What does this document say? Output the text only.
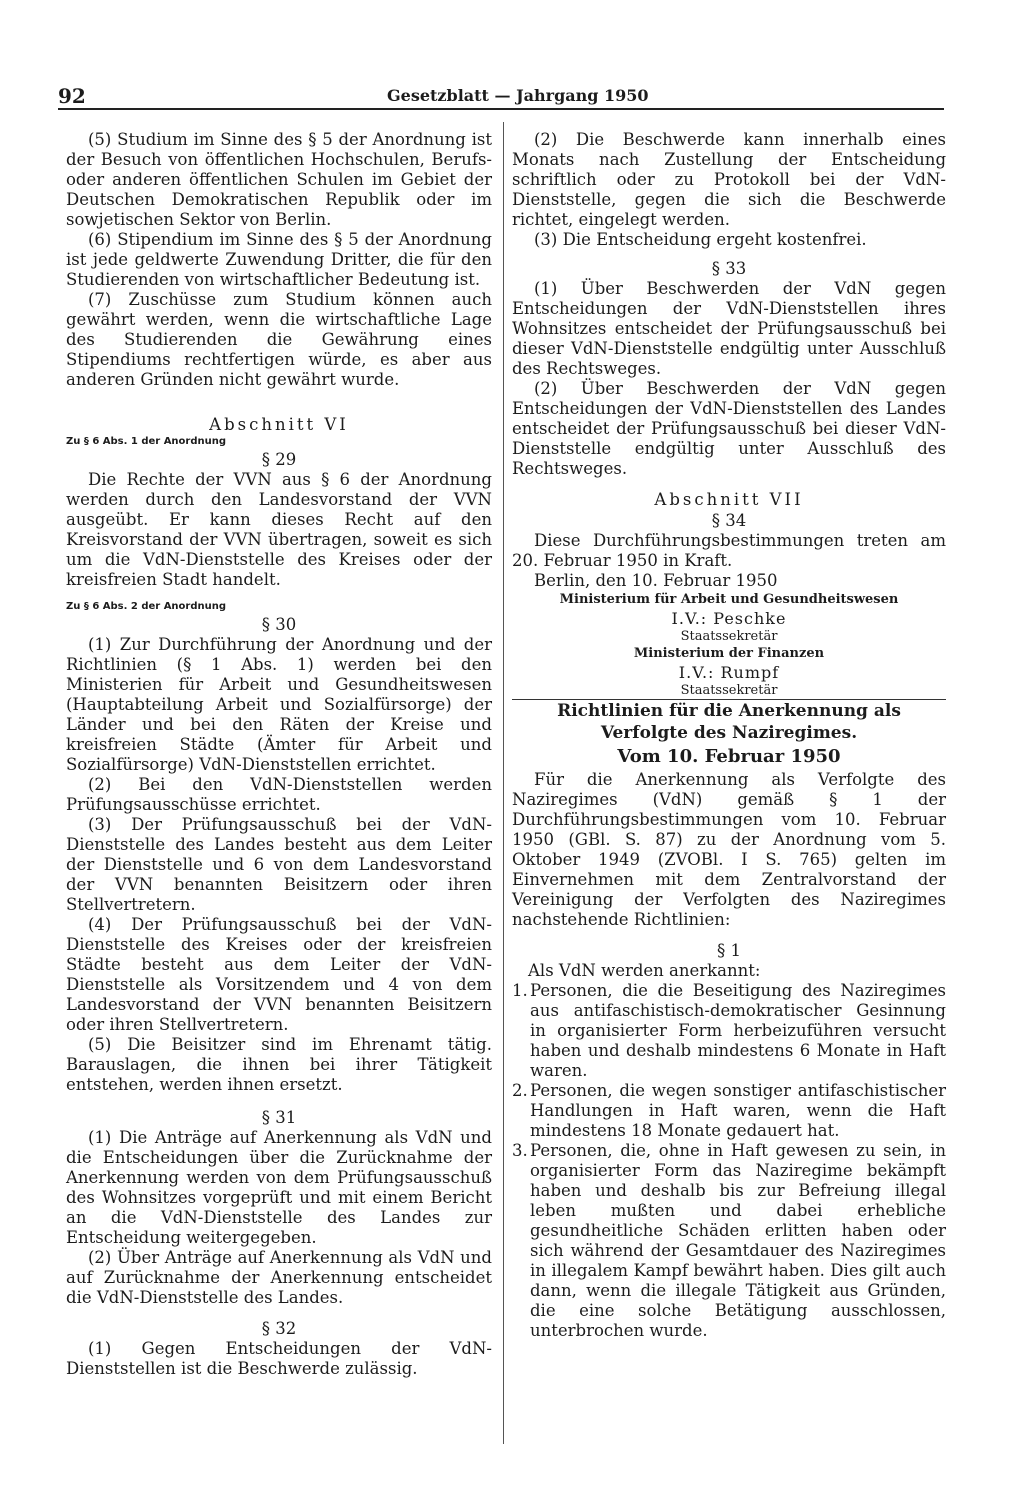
92	Gesetzblatt — Jahrgang 1950

(5) Studium im Sinne des § 5 der Anordnung ist der Besuch von öffentlichen Hochschulen, Berufs- oder anderen öffentlichen Schulen im Gebiet der Deutschen Demokratischen Republik oder im sowjetischen Sektor von Berlin.

(6) Stipendium im Sinne des § 5 der Anordnung ist jede geldwerte Zuwendung Dritter, die für den Studierenden von wirtschaftlicher Bedeutung ist.

(7) Zuschüsse zum Studium können auch gewährt werden, wenn die wirtschaftliche Lage des Studierenden die Gewährung eines Stipendiums rechtfertigen würde, es aber aus anderen Gründen nicht gewährt wurde.

Abschnitt VI
Zu § 6 Abs. 1 der Anordnung
§ 29

Die Rechte der VVN aus § 6 der Anordnung werden durch den Landesvorstand der VVN ausgeübt. Er kann dieses Recht auf den Kreisvorstand der VVN übertragen, soweit es sich um die VdN-Dienststelle des Kreises oder der kreisfreien Stadt handelt.

Zu § 6 Abs. 2 der Anordnung
§ 30

(1) Zur Durchführung der Anordnung und der Richtlinien (§ 1 Abs. 1) werden bei den Ministerien für Arbeit und Gesundheitswesen (Hauptabteilung Arbeit und Sozialfürsorge) der Länder und bei den Räten der Kreise und kreisfreien Städte (Ämter für Arbeit und Sozialfürsorge) VdN-Dienststellen errichtet.

(2) Bei den VdN-Dienststellen werden Prüfungsausschüsse errichtet.

(3) Der Prüfungsausschuß bei der VdN-Dienststelle des Landes besteht aus dem Leiter der Dienststelle und 6 von dem Landesvorstand der VVN benannten Beisitzern oder ihren Stellvertretern.

(4) Der Prüfungsausschuß bei der VdN-Dienststelle des Kreises oder der kreisfreien Städte besteht aus dem Leiter der VdN-Dienststelle als Vorsitzendem und 4 von dem Landesvorstand der VVN benannten Beisitzern oder ihren Stellvertretern.

(5) Die Beisitzer sind im Ehrenamt tätig. Barauslagen, die ihnen bei ihrer Tätigkeit entstehen, werden ihnen ersetzt.

§ 31

(1) Die Anträge auf Anerkennung als VdN und die Entscheidungen über die Zurücknahme der Anerkennung werden von dem Prüfungsausschuß des Wohnsitzes vorgeprüft und mit einem Bericht an die VdN-Dienststelle des Landes zur Entscheidung weitergegeben.

(2) Über Anträge auf Anerkennung als VdN und auf Zurücknahme der Anerkennung entscheidet die VdN-Dienststelle des Landes.

§ 32

(1) Gegen Entscheidungen der VdN-Dienststellen ist die Beschwerde zulässig.

(2) Die Beschwerde kann innerhalb eines Monats nach Zustellung der Entscheidung schriftlich oder zu Protokoll bei der VdN-Dienststelle, gegen die sich die Beschwerde richtet, eingelegt werden.

(3) Die Entscheidung ergeht kostenfrei.

§ 33

(1) Über Beschwerden der VdN gegen Entscheidungen der VdN-Dienststellen ihres Wohnsitzes entscheidet der Prüfungsausschuß bei dieser VdN-Dienststelle endgültig unter Ausschluß des Rechtsweges.

(2) Über Beschwerden der VdN gegen Entscheidungen der VdN-Dienststellen des Landes entscheidet der Prüfungsausschuß bei dieser VdN-Dienststelle endgültig unter Ausschluß des Rechtsweges.

Abschnitt VII
§ 34

Diese Durchführungsbestimmungen treten am 20. Februar 1950 in Kraft.

Berlin, den 10. Februar 1950

Ministerium für Arbeit und Gesundheitswesen
I.V.: Peschke
Staatssekretär
Ministerium der Finanzen
I.V.: Rumpf
Staatssekretär
Richtlinien für die Anerkennung als Verfolgte des Naziregimes.
Vom 10. Februar 1950

Für die Anerkennung als Verfolgte des Naziregimes (VdN) gemäß § 1 der Durchführungsbestimmungen vom 10. Februar 1950 (GBl. S. 87) zu der Anordnung vom 5. Oktober 1949 (ZVOBl. I S. 765) gelten im Einvernehmen mit dem Zentralvorstand der Vereinigung der Verfolgten des Naziregimes nachstehende Richtlinien:

§ 1

Als VdN werden anerkannt:

1. Personen, die die Beseitigung des Naziregimes aus antifaschistisch-demokratischer Gesinnung in organisierter Form herbeizuführen versucht haben und deshalb mindestens 6 Monate in Haft waren.
2. Personen, die wegen sonstiger antifaschistischer Handlungen in Haft waren, wenn die Haft mindestens 18 Monate gedauert hat.
3. Personen, die, ohne in Haft gewesen zu sein, in organisierter Form das Naziregime bekämpft haben und deshalb bis zur Befreiung illegal leben mußten und dabei erhebliche gesundheitliche Schäden erlitten haben oder sich während der Gesamtdauer des Naziregimes in illegalem Kampf bewährt haben. Dies gilt auch dann, wenn die illegale Tätigkeit aus Gründen, die eine solche Betätigung ausschlossen, unterbrochen wurde.
